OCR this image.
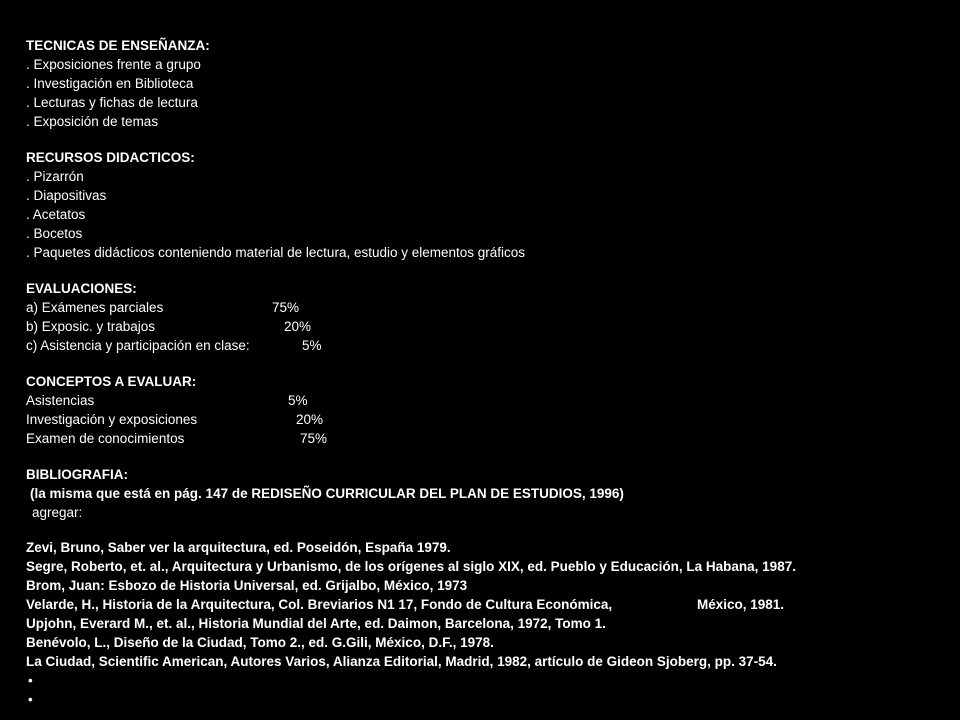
TECNICAS DE ENSEÑANZA:
. Exposiciones frente a grupo
. Investigación en Biblioteca
. Lecturas y fichas de lectura
. Exposición de temas
RECURSOS DIDACTICOS:
. Pizarrón
. Diapositivas
. Acetatos
. Bocetos
. Paquetes didácticos conteniendo material de lectura, estudio y elementos gráficos
EVALUACIONES:
a) Exámenes parciales	75%
b) Exposic. y trabajos	20%
c) Asistencia y participación en clase:	5%
CONCEPTOS A EVALUAR:
Asistencias	5%
Investigación y exposiciones	20%
Examen de conocimientos	75%
BIBLIOGRAFIA:
(la misma que está en pág. 147 de REDISEÑO CURRICULAR DEL PLAN DE ESTUDIOS, 1996)
agregar:
Zevi, Bruno, Saber ver la arquitectura, ed. Poseidón, España 1979.
Segre, Roberto, et. al., Arquitectura y Urbanismo, de los orígenes al siglo XIX, ed. Pueblo y Educación, La Habana, 1987.
Brom, Juan: Esbozo de Historia Universal, ed. Grijalbo, México, 1973
Velarde, H., Historia de la Arquitectura, Col. Breviarios N1 17, Fondo de Cultura Económica,	México, 1981.
Upjohn, Everard M., et. al., Historia Mundial del Arte, ed. Daimon, Barcelona, 1972, Tomo 1.
Benévolo, L., Diseño de la Ciudad, Tomo 2., ed. G.Gili, México, D.F., 1978.
La Ciudad, Scientific American, Autores Varios, Alianza Editorial, Madrid, 1982, artículo de Gideon Sjoberg, pp. 37-54.
•
•
